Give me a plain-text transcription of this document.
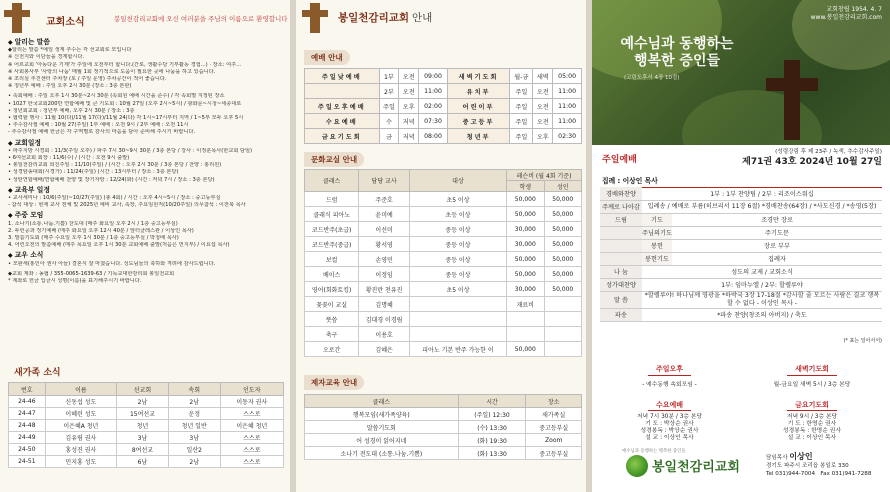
교회소식	봉일천감리교회에 오신 여러분을 주님의 이름으로 환영합니다
◆ 알리는 말씀
◆알리는 말씀 *예일 생계 추수는 각 선교회로 모입니다
※ 신천지와 이단들을 경계합시다.
※ 어르교회 '아동다운 기계'가 주일에 오전부터 합니다.(간로, 생활수당 기부활동 경험...) · 장소: 여주...
※ 사회봉사부 '사랑의 나눔' 매월 1회 정기적으로 도움이 필요한 곳에 나눔을 하고 있습니다.
※ 조리실 추진센터 주차장 (토 / 주일 운영) 주차공간이 적어 좋습니다.
※ 청년부 예배 : 주일 오후 2시 30분 (장소 : 3층 본관)
• 속회예배 : 주일 오후 1시 30분~2시 30분 (속회원 예배 시간을 준수) / 각 속회별 지정된 장소
• 1027 한국교회200만 연합예배 및 큰 기도회 : 10월 27일 (오후 2시~5시) / 광화문~시청~세종대로
• 청년회교회 : 청년부 예배, 오후 2시 30분 / 장소 : 3층
• 협력할 행사 : 11월 10(다)/11월 17(다)/11월 24(다) 각 1시~17시부터 지역 / 1~5부 모두 오후 5시
• 추수감사절 예배 : 10월 27(주일) 1부 예배 : 오전 9시 / 2부 예배 : 오전 11시
- 추수감사절 예배 헌금은 각 구역별로 감사의 마음을 담아 준비해 주시기 바랍니다.
◆ 교회일정
• 파주지방 시경회 : 11/3(주일 오후) / 파주 7시 30~9시 30분 / 3층 본당 / 강사 : 이정훈목사(한교회 담임)
• 6여선교회 회장 : 11/6(수) / (시간 : 오전 9시 출발)
• 봉일천감리교회 희친주일 : 11/10(주일) / (시간 : 오후 2시 30분 / 3층 본당 / 찬양 : 홍리원)
• 성경암송대회(시경가) : 11/24(주일) (시간 : 13시부터 / 장소 : 3층 본당)
• 성탄연합예배/연합예배 찬양 및 장기자랑 : 12/24(화) (시간 : 저녁 7시 / 장소 : 3층 본당)
◆ 교육부 일정
• 교사세미나 : 10/6(주일)~10/27(주일) (총 4회) / 시간 : 오후 4시~5시 / 장소 : 중고등부실
- 참석 대상 : 현재 교사 전체 및 2025년 예비 교사, 속장, 주요임원직(10/20주일) 의무참석 : 이전북 목사
◆ 주중 모임
1. 소나기(소통.나눔.기쁨) 찬도대 (매주 화요일 오후 2시 / 1층 중고등부실)
2. 두런공과 정기예배 (매주 화요일 오후 12시 40분 / 앞터클레스관 / 이상인 목사)
3. 말씀기도회 (매주 수요일 오후 1시 30분 / 1층 중고등부실 / 박청배 목사)
4. 어린오전의 말씀예배 (매주 목요일 오후 1시 30분 교회예배 출발(처음은 먼지부) / 이요섭 목사)
◆ 교우 소식
• 모완세(홍인아 권사 아들) 결혼식 잘 마쳤습니다. 성도님들의 축하와 격려에 감사드립니다.
◆교회 계좌 : 농협 / 355-0065-1639-63 / 기독교대한감리회 봉일천교회
* 계좌로 헌금 입금시 성명(이름)을 표기해주시기 바랍니다.
새가족 소식
번호	이름	선교회	속회	인도자
24-46	신동섭 성도	2남	2남	이동자 권사
24-47	이혜린 성도	15여선교	운정	스스로
24-48	이은혜A 청년	청년	청년 일반	이은혜 청년
24-49	김유림 권사	3남	3남	스스로
24-50	홍성진 권사	8여선교	일산2	스스로
24-51	민지홍 성도	6남	2남	스스로
봉일천감리교회 안내
예배 안내
주일낮예배	1부	오전	09:00	새벽기도회	월-금	새벽	05:00
	2부	오전	11:00	유치부	주일	오전	11:00
주일오후예배	주일	오후	02:00	어린이부	주일	오전	11:00
수요예배	수	저녁	07:30	중고등부	주일	오전	11:00
금요기도회	금	저녁	08:00	청년부	주일	오후	02:30
문화교실 안내
클래스	담당 교사	대상	레슨비 (월 4회 기준)	
			학생	성인
드럼	주준호	초5 이상	50,000	50,000
클래식 피아노	윤미예	초등 이상	50,000	50,000
코드반주(초급)	이선미	중등 이상	30,000	50,000
코드반주(중급)	황서영	중등 이상	30,000	50,000
보컬	손영민	중등 이상	50,000	50,000
베이스	이정임	중등 이상	50,000	50,000
영어(회화토킹)	황진란 천유진	초5 이상	30,000	50,000
꽃꽂이 교실	김명혜		재료비	
뜻씀	김대경 이경림			
축구	이용호			
오로간	김혜은	피아노 기본 반주 가능한 이	50,000	
제자교육 안내
클래스	시간	장소
행복모임(새가족양육)	(주일) 12:30	새가족실
말씀기도회	(수) 13:30	중고등부실
어 성경이 읽어지네	(화) 19:30	Zoom
소나기 전도대 (소통.나눔.기쁨)	(화) 13:30	중고등부실
교회창립 1954. 4. 7
www.봉일천감리교회.com
예수님과 동행하는
행복한 증인들
(고린도후서 4장 10절)
주일예배
(성령강림 후 제 23주 / 녹색, 추수감사주일)
제71권 43호 2024년 10월 27일
집례 : 이상인 목사
경배와찬양	1부 : 1부 찬양팀 / 2부 : 리조이스워십	
주께로 나아감	입례송 / 예배로 부름(히브리서 11장 6절) *경배찬송(64장) / *사도신경 / *송영(5장)	
드림	기도	조경만 장로
	주님의기도	주기도문
	봉헌	장로 부부
	봉헌기도	집례자
나 눔	성도의 교제 / 교회소식	
성가대찬양	1부: 임마누엘 / 2부: 할렐루야	
말 씀	*할렐루야! 하나님께 영광을 *하박국 3장 17-18절 *감사할 줄 모르는 사람은 결코 행복할 수 없다 - 이상인 목사 -	
파송	*파송 찬양(창조의 아버지) / 축도	
(* 표는 일어서서)
주일오후
- 예수동행 속회모임 -
새벽기도회
월-금요일 새벽 5시 / 3층 본당
수요예배
저녁 7시 30분 / 3층 본당
기 도 : 박상순 권사
성경봉독 : 박상순 권사
설 교 : 이상인 목사
금요기도회
저녁 9시 / 3층 본당
기 도 : 한명순 권사
성경봉독 : 한명순 권사
설 교 : 이상인 목사
예수님과 동행하는 행복한 증인들
봉일천감리교회
담임목사 이상인
경기도 파주시 조리읍 봉일로 330
Tel 031)944-7004 Fax 031)941-7288
